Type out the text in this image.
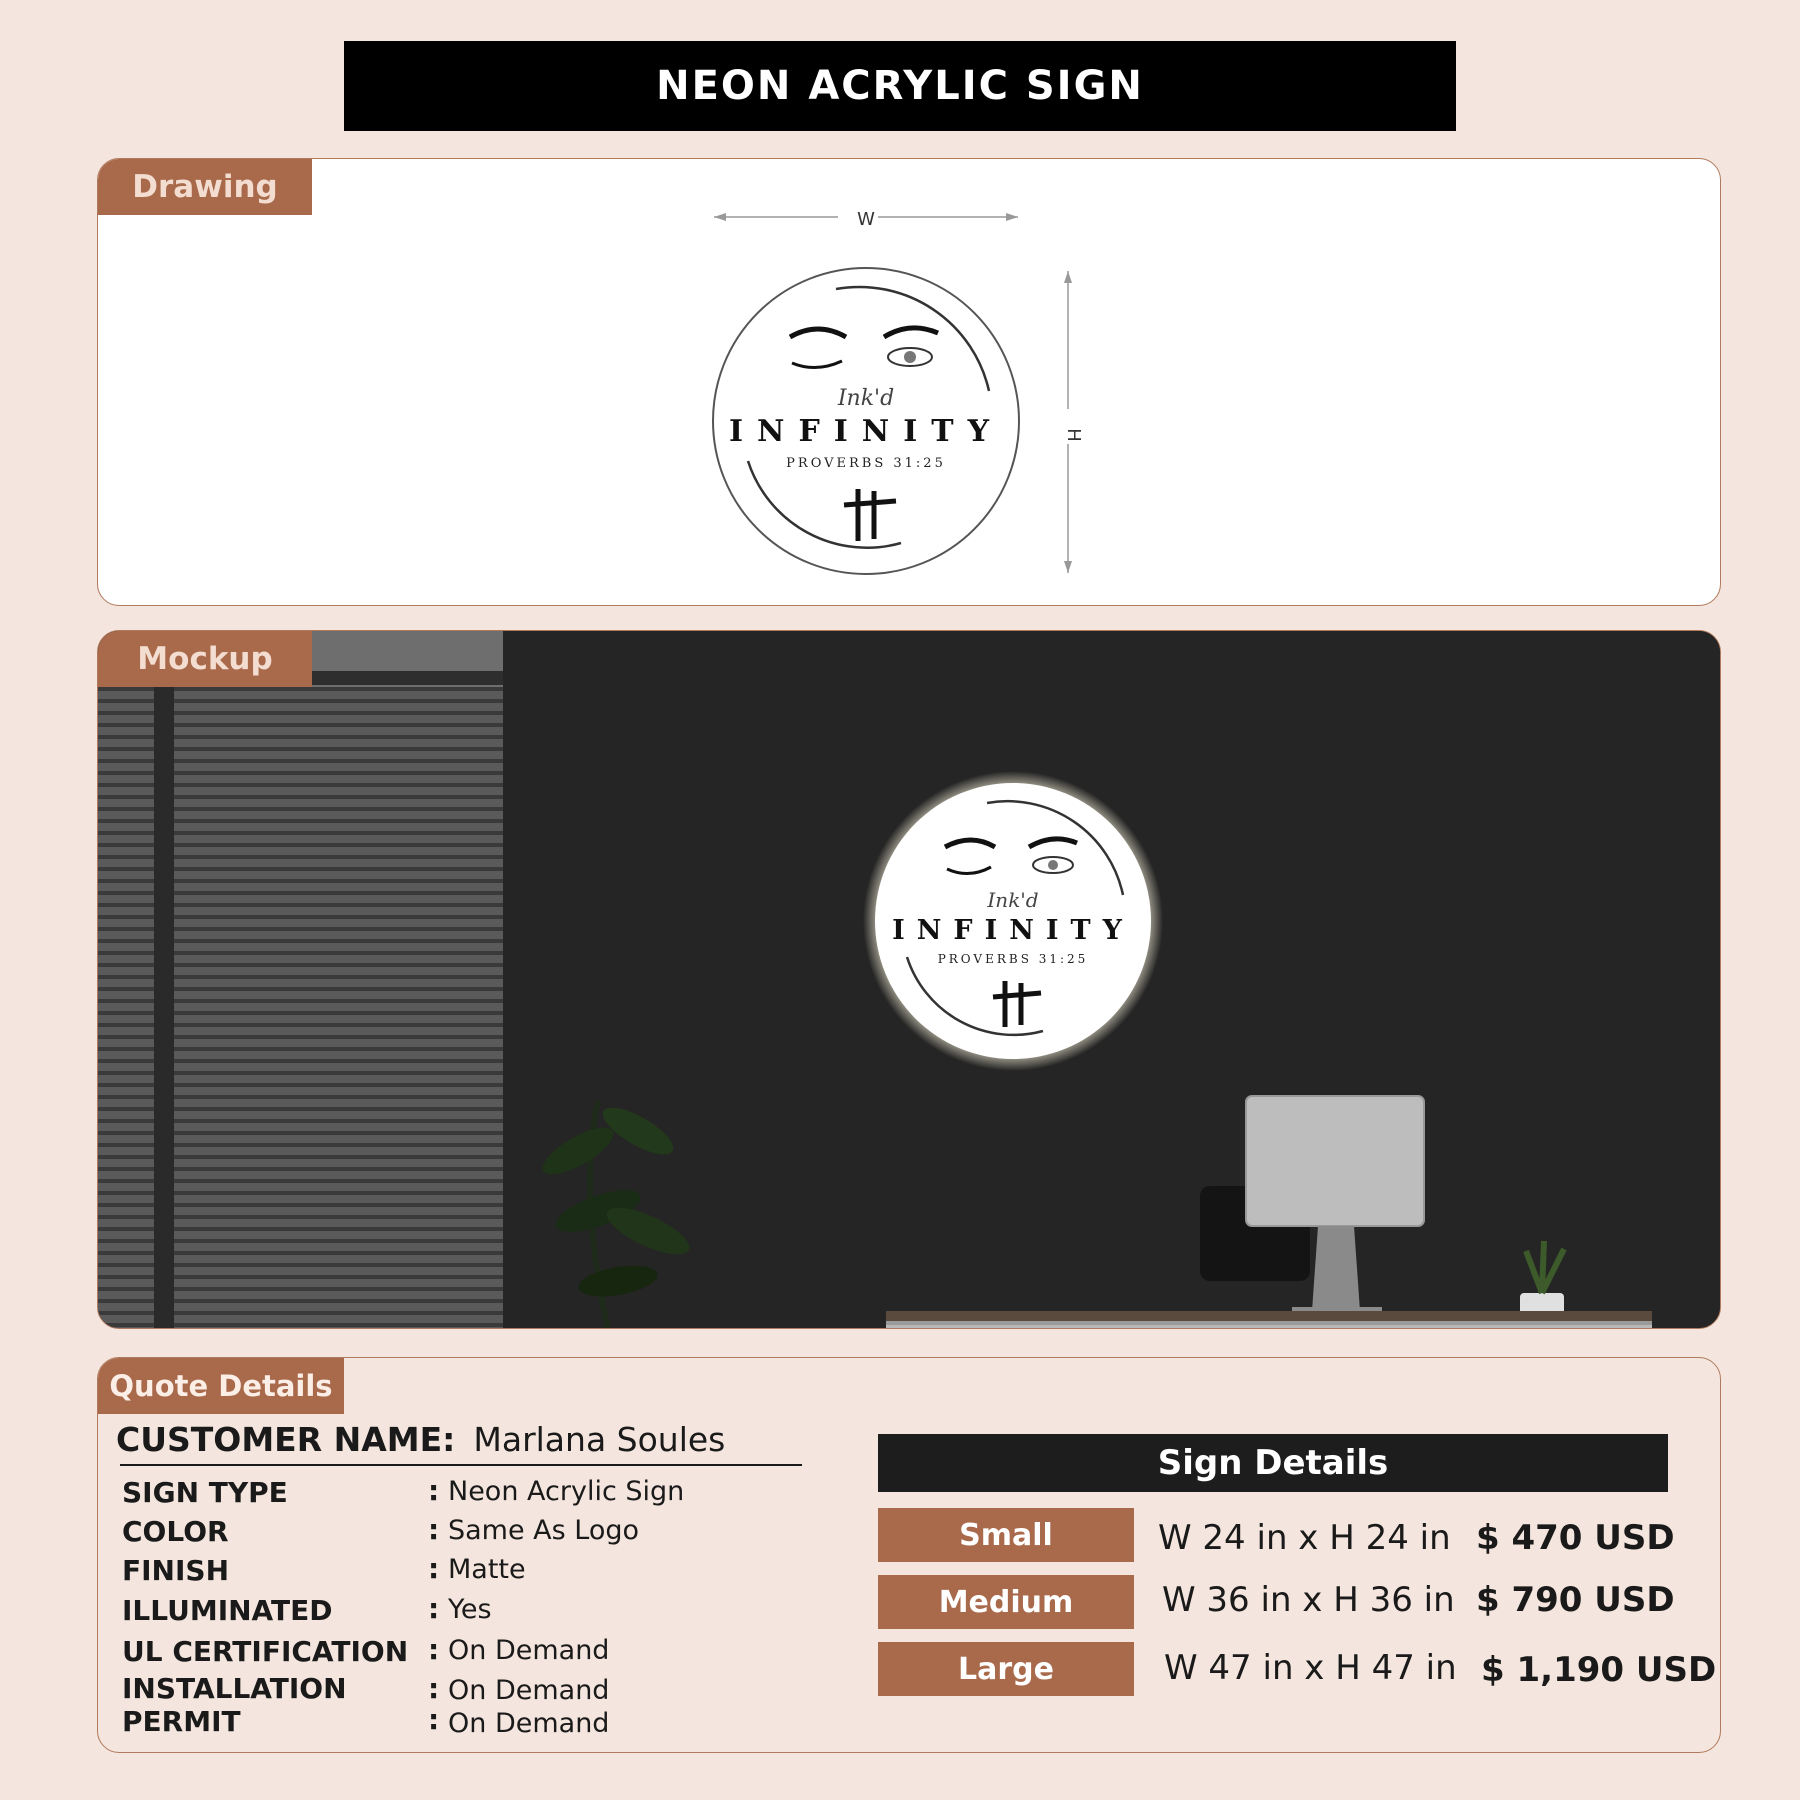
NEON ACRYLIC SIGN
Drawing
W
H
Ink'd
INFINITY
PROVERBS 31:25
Mockup
Ink'd
INFINITY
PROVERBS 31:25
Quote Details
CUSTOMER NAME: Marlana Soules
SIGN TYPE	: Neon Acrylic Sign
COLOR	: Same As Logo
FINISH	: Matte
ILLUMINATED	: Yes
UL CERTIFICATION : On Demand
INSTALLATION	: On Demand
PERMIT	: On Demand
Sign Details
Small	W 24 in x H 24 in $ 470 USD
Medium	W 36 in x H 36 in $ 790 USD
Large	W 47 in x H 47 in $ 1,190 USD
